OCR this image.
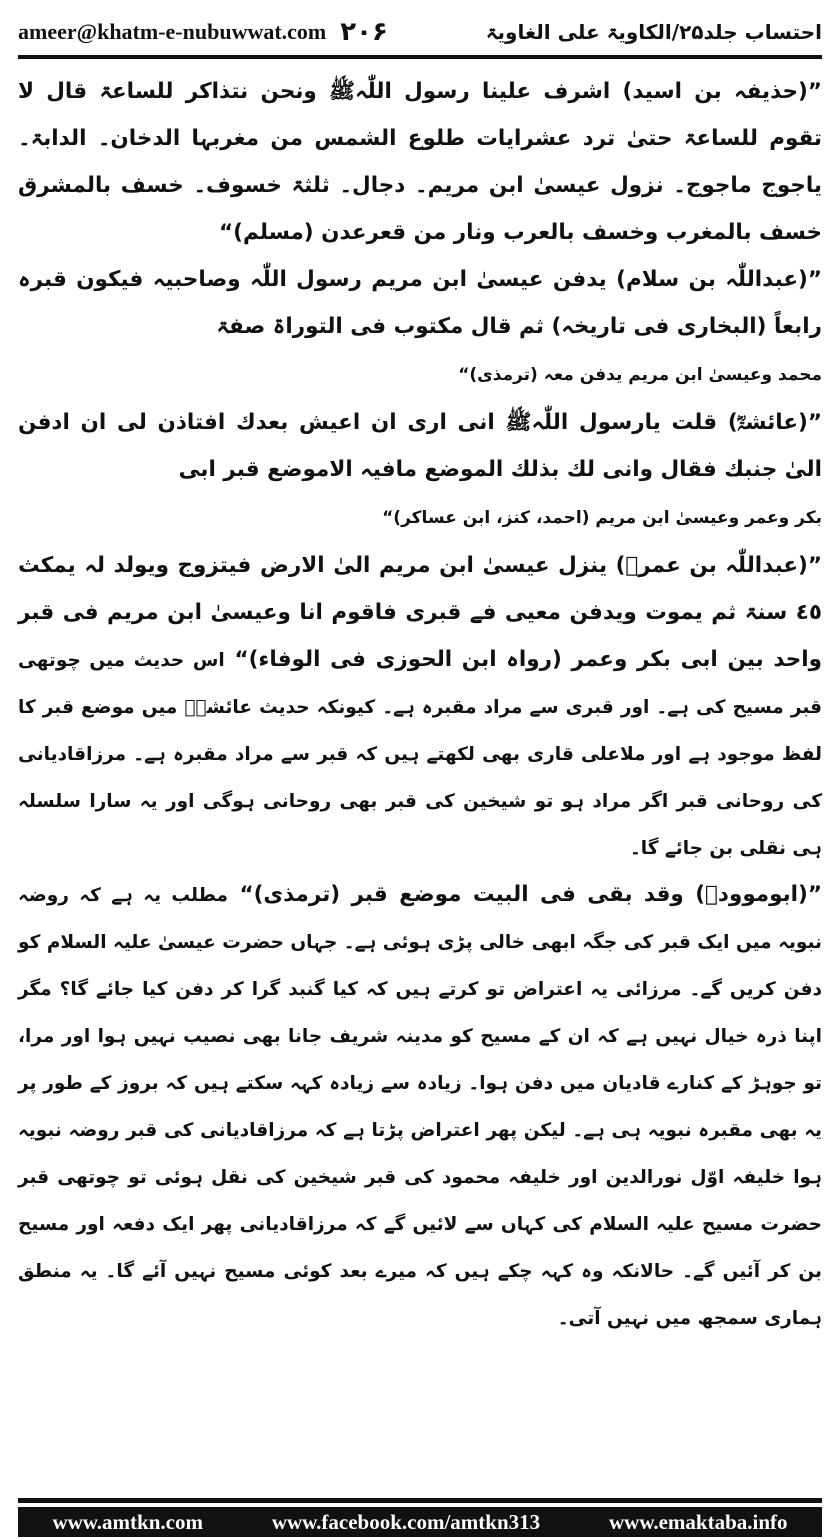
ameer@khatm-e-nubuwwat.com ۲۰۶	احتساب جلد۲۵/الکاویۃ علی الغاویۃ

”(حذیفہ بن اسید) اشرف علینا رسول اللّٰہﷺ ونحن نتذاکر للساعۃ قال لا تقوم للساعۃ حتیٰ ترد عشرایات طلوع الشمس من مغربہا الدخان۔ الدابۃ۔ یاجوج ماجوج۔ نزول عیسیٰ ابن مریم۔ دجال۔ ثلثۃ خسوف۔ خسف بالمشرق خسف بالمغرب وخسف بالعرب ونار من قعرعدن (مسلم)“

”(عبداللّٰہ بن سلام) یدفن عیسیٰ ابن مریم رسول اللّٰہ وصاحبیہ فیکون قبرہ رابعاً (البخاری فی تاریخہ) ثم قال مکتوب فی التوراۃ صفۃ
محمد وعیسیٰ ابن مریم یدفن معہ (ترمذی)“

”(عائشۃؓ) قلت یارسول اللّٰہﷺ انی اری ان اعیش بعدك افتاذن لی ان ادفن الیٰ جنبك فقال وانی لك بذلك الموضع مافیہ الاموضع قبر ابی
بکر وعمر وعیسیٰ ابن مریم (احمد، کنز، ابن عساکر)“

”(عبداللّٰہ بن عمرؓ) ینزل عیسیٰ ابن مریم الیٰ الارض فیتزوج ویولد لہ یمکث ٤٥ سنۃ ثم یموت ویدفن معیی فے قبری فاقوم انا وعیسیٰ ابن مریم فی قبر واحد بین ابی بکر وعمر (رواہ ابن الحوزی فی الوفاء)“ اس حدیث میں چوتھی قبر مسیح کی ہے۔ اور قبری سے مراد مقبرہ ہے۔ کیونکہ حدیث عائشہؓ میں موضع قبر کا لفظ موجود ہے اور ملاعلی قاری بھی لکھتے ہیں کہ قبر سے مراد مقبرہ ہے۔ مرزاقادیانی کی روحانی قبر اگر مراد ہو تو شیخین کی قبر بھی روحانی ہوگی اور یہ سارا سلسلہ ہی نقلی بن جائے گا۔

”(ابوموودؓ) وقد بقی فی البیت موضع قبر (ترمذی)“ مطلب یہ ہے کہ روضہ نبویہ میں ایک قبر کی جگہ ابھی خالی پڑی ہوئی ہے۔ جہاں حضرت عیسیٰ علیہ السلام کو دفن کریں گے۔ مرزائی یہ اعتراض تو کرتے ہیں کہ کیا گنبد گرا کر دفن کیا جائے گا؟ مگر اپنا ذرہ خیال نہیں ہے کہ ان کے مسیح کو مدینہ شریف جانا بھی نصیب نہیں ہوا اور مرا، تو جوہڑ کے کنارے قادیان میں دفن ہوا۔ زیادہ سے زیادہ کہہ سکتے ہیں کہ بروز کے طور پر یہ بھی مقبرہ نبویہ ہی ہے۔ لیکن پھر اعتراض پڑتا ہے کہ مرزاقادیانی کی قبر روضہ نبویہ ہوا خلیفہ اوّل نورالدین اور خلیفہ محمود کی قبر شیخین کی نقل ہوئی تو چوتھی قبر حضرت مسیح علیہ السلام کی کہاں سے لائیں گے کہ مرزاقادیانی پھر ایک دفعہ اور مسیح بن کر آئیں گے۔ حالانکہ وہ کہہ چکے ہیں کہ میرے بعد کوئی مسیح نہیں آئے گا۔ یہ منطق ہماری سمجھ میں نہیں آتی۔

www.amtkn.com	www.facebook.com/amtkn313	www.emaktaba.info
